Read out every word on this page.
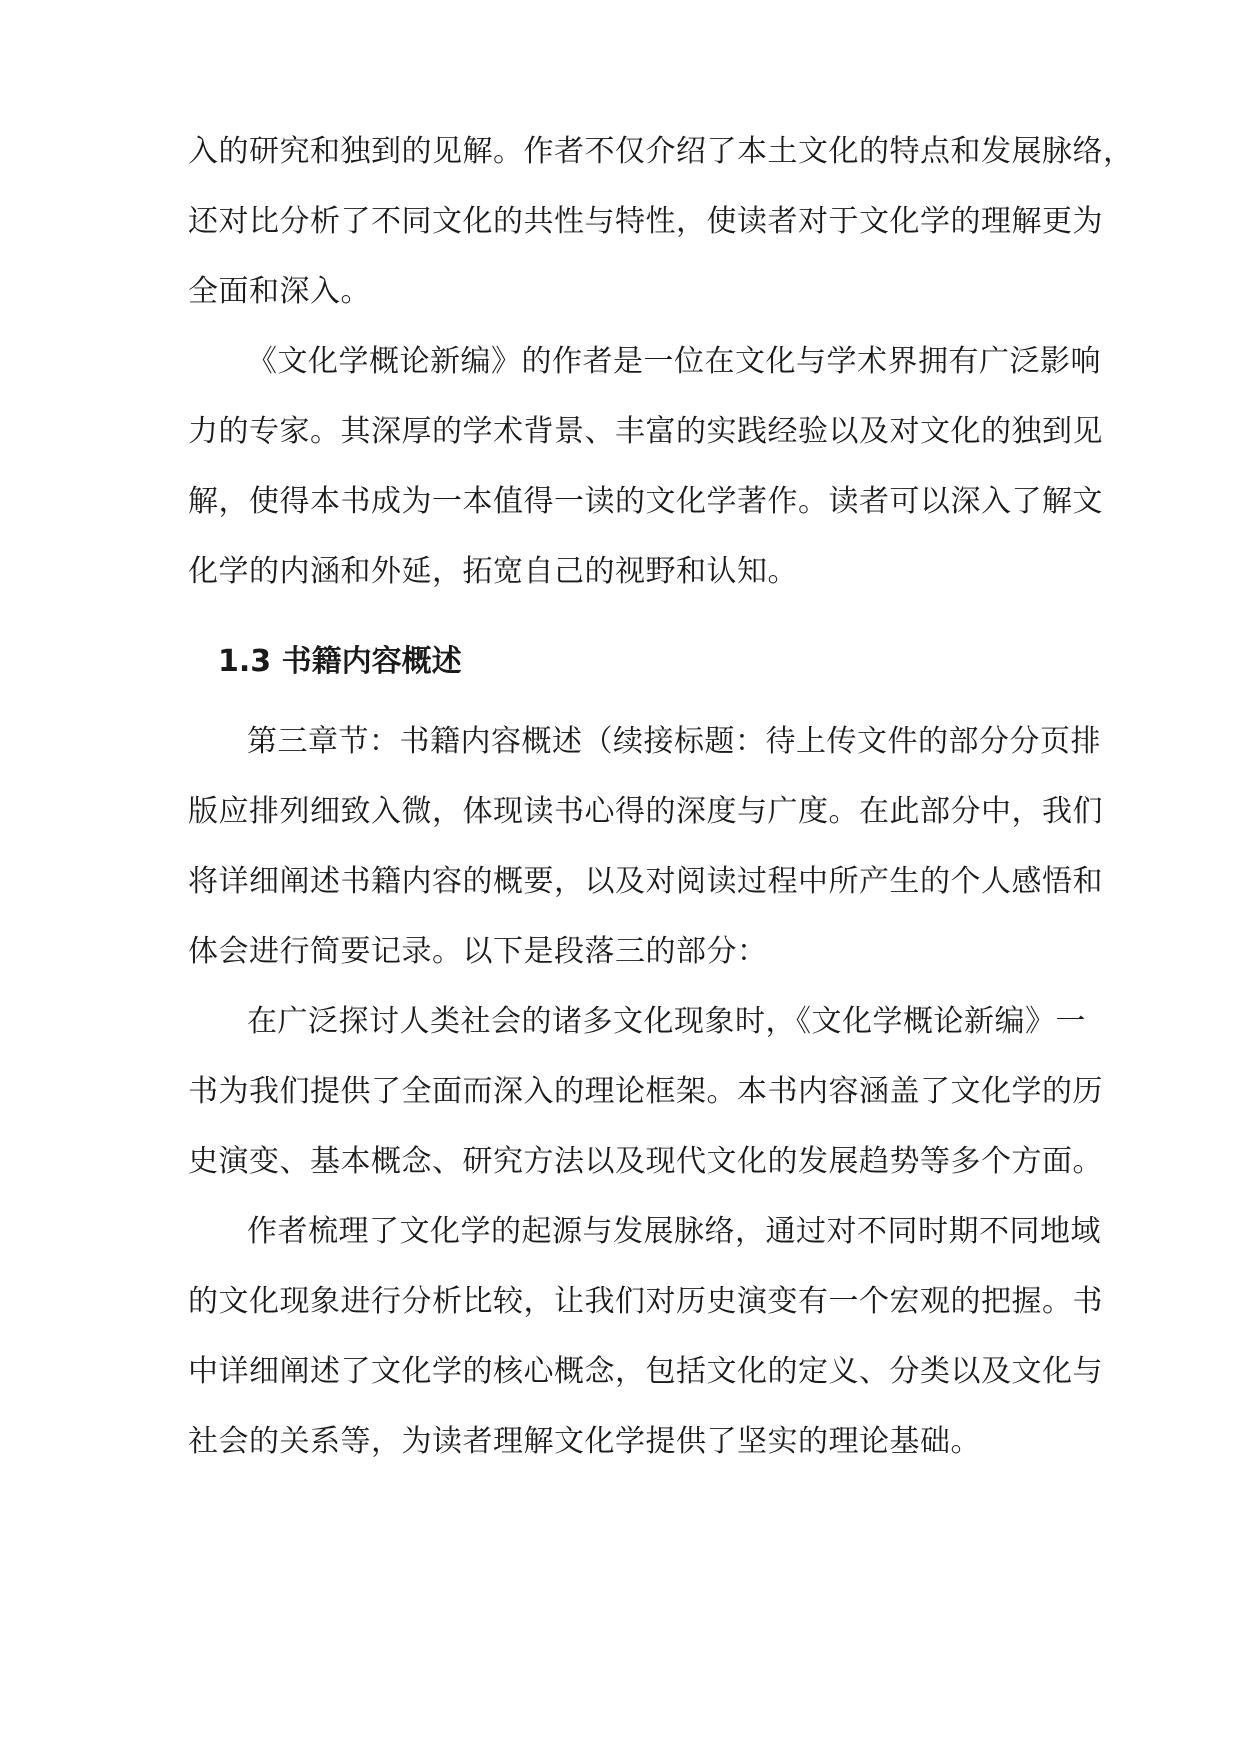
入的研究和独到的见解。作者不仅介绍了本土文化的特点和发展脉络，
还对比分析了不同文化的共性与特性，使读者对于文化学的理解更为
全面和深入。
《文化学概论新编》的作者是一位在文化与学术界拥有广泛影响
力的专家。其深厚的学术背景、丰富的实践经验以及对文化的独到见
解，使得本书成为一本值得一读的文化学著作。读者可以深入了解文
化学的内涵和外延，拓宽自己的视野和认知。
1.3 书籍内容概述
第三章节：书籍内容概述（续接标题：待上传文件的部分分页排
版应排列细致入微，体现读书心得的深度与广度。在此部分中，我们
将详细阐述书籍内容的概要，以及对阅读过程中所产生的个人感悟和
体会进行简要记录。以下是段落三的部分：
在广泛探讨人类社会的诸多文化现象时，《文化学概论新编》一
书为我们提供了全面而深入的理论框架。本书内容涵盖了文化学的历
史演变、基本概念、研究方法以及现代文化的发展趋势等多个方面。
作者梳理了文化学的起源与发展脉络，通过对不同时期不同地域
的文化现象进行分析比较，让我们对历史演变有一个宏观的把握。书
中详细阐述了文化学的核心概念，包括文化的定义、分类以及文化与
社会的关系等，为读者理解文化学提供了坚实的理论基础。
